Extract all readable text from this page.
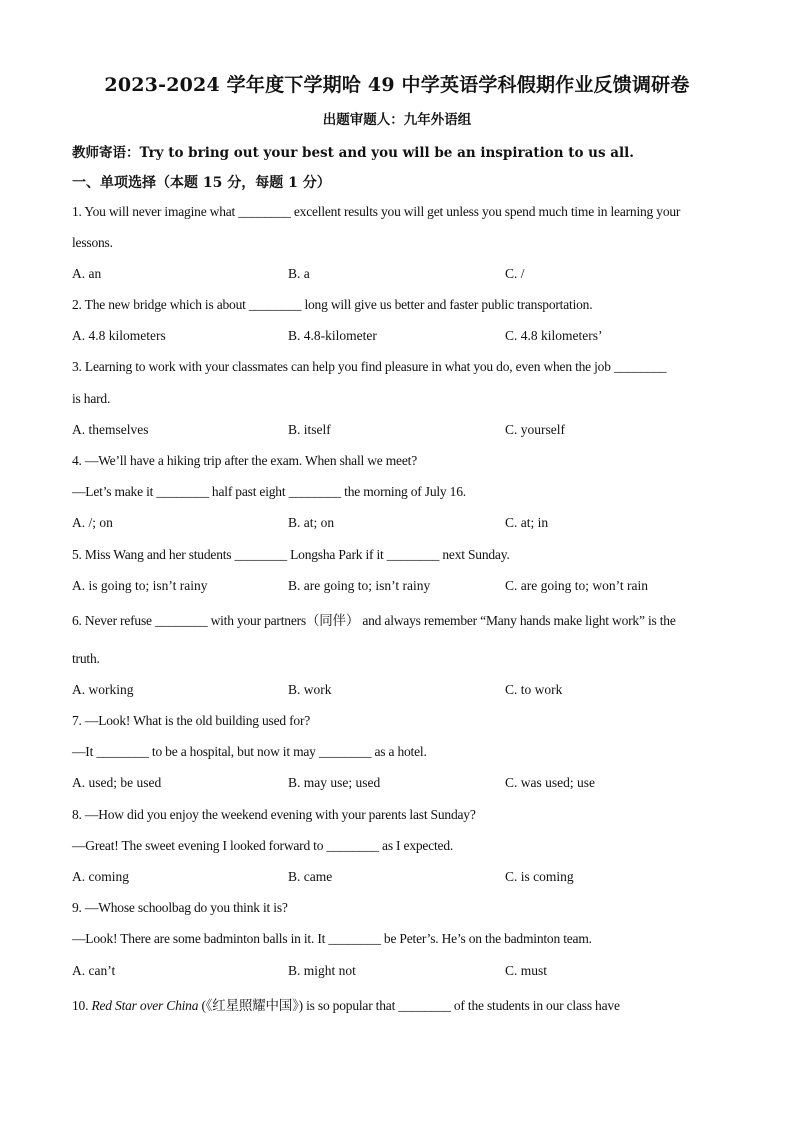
2023-2024 学年度下学期哈 49 中学英语学科假期作业反馈调研卷
出题审题人：九年外语组
教师寄语：Try to bring out your best and you will be an inspiration to us all.
一、单项选择（本题 15 分，每题 1 分）
1. You will never imagine what ________ excellent results you will get unless you spend much time in learning your
lessons.
A. an	B. a	C. /
2. The new bridge which is about ________ long will give us better and faster public transportation.
A. 4.8 kilometers	B. 4.8-kilometer	C. 4.8 kilometers’
3. Learning to work with your classmates can help you find pleasure in what you do, even when the job ________
is hard.
A. themselves	B. itself	C. yourself
4. —We’ll have a hiking trip after the exam. When shall we meet?
—Let’s make it ________ half past eight ________ the morning of July 16.
A. /; on	B. at; on	C. at; in
5. Miss Wang and her students ________ Longsha Park if it ________ next Sunday.
A. is going to; isn’t rainy	B. are going to; isn’t rainy	C. are going to; won’t rain
6. Never refuse ________ with your partners（同伴） and always remember “Many hands make light work” is the
truth.
A. working	B. work	C. to work
7. —Look! What is the old building used for?
—It ________ to be a hospital, but now it may ________ as a hotel.
A. used; be used	B. may use; used	C. was used; use
8. —How did you enjoy the weekend evening with your parents last Sunday?
—Great! The sweet evening I looked forward to ________ as I expected.
A. coming	B. came	C. is coming
9. —Whose schoolbag do you think it is?
—Look! There are some badminton balls in it. It ________ be Peter’s. He’s on the badminton team.
A. can’t	B. might not	C. must
10. Red Star over China (《红星照耀中国》) is so popular that ________ of the students in our class have
